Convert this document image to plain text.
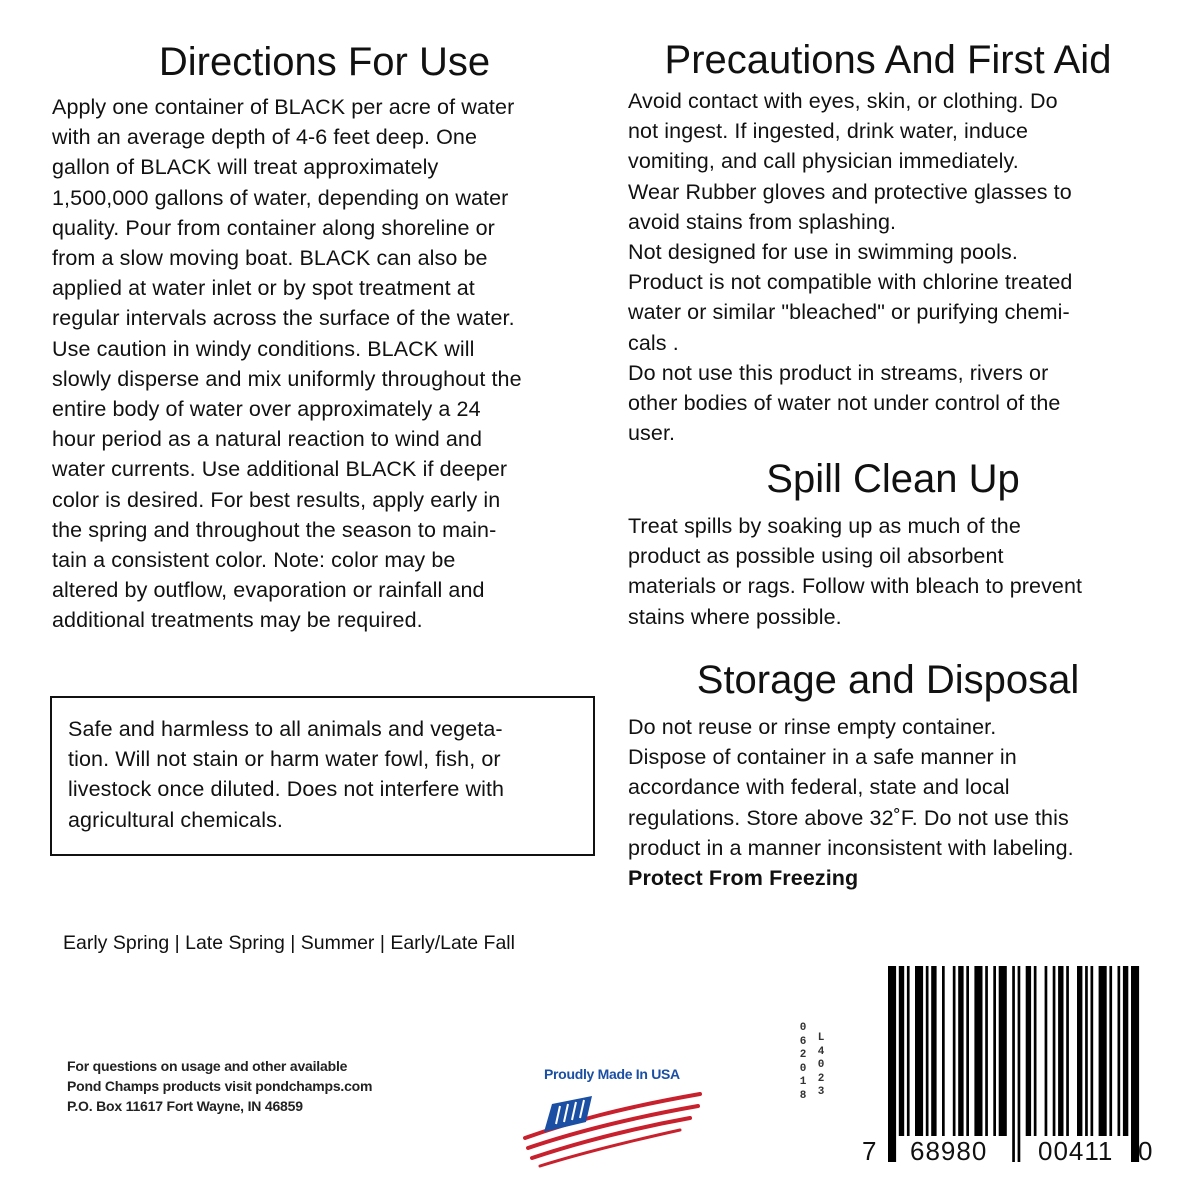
Directions For Use
Apply one container of BLACK per acre of water
with an average depth of 4-6 feet deep. One
gallon of BLACK will treat approximately
1,500,000 gallons of water, depending on water
quality. Pour from container along shoreline or
from a slow moving boat. BLACK can also be
applied at water inlet or by spot treatment at
regular intervals across the surface of the water.
Use caution in windy conditions. BLACK will
slowly disperse and mix uniformly throughout the
entire body of water over approximately a 24
hour period as a natural reaction to wind and
water currents. Use additional BLACK if deeper
color is desired. For best results, apply early in
the spring and throughout the season to main-
tain a consistent color. Note: color may be
altered by outflow, evaporation or rainfall and
additional treatments may be required.
Safe and harmless to all animals and vegeta-
tion. Will not stain or harm water fowl, fish, or
livestock once diluted. Does not interfere with
agricultural chemicals.
Precautions And First Aid
Avoid contact with eyes, skin, or clothing. Do
not ingest. If ingested, drink water, induce
vomiting, and call physician immediately.
Wear Rubber gloves and protective glasses to
avoid stains from splashing.
Not designed for use in swimming pools.
Product is not compatible with chlorine treated
water or similar "bleached" or purifying chemi-
cals .
Do not use this product in streams, rivers or
other bodies of water not under control of the
user.
Spill Clean Up
Treat spills by soaking up as much of the
product as possible using oil absorbent
materials or rags. Follow with bleach to prevent
stains where possible.
Storage and Disposal
Do not reuse or rinse empty container.
Dispose of container in a safe manner in
accordance with federal, state and local
regulations. Store above 32˚F. Do not use this
product in a manner inconsistent with labeling.
Protect From Freezing
Early Spring | Late Spring | Summer | Early/Late Fall
For questions on usage and other available
Pond Champs products visit pondchamps.com
P.O. Box 11617 Fort Wayne, IN 46859
Proudly Made In USA
0
6
2
0
1
8
L
4
0
2
3
7 68980 00411 0
